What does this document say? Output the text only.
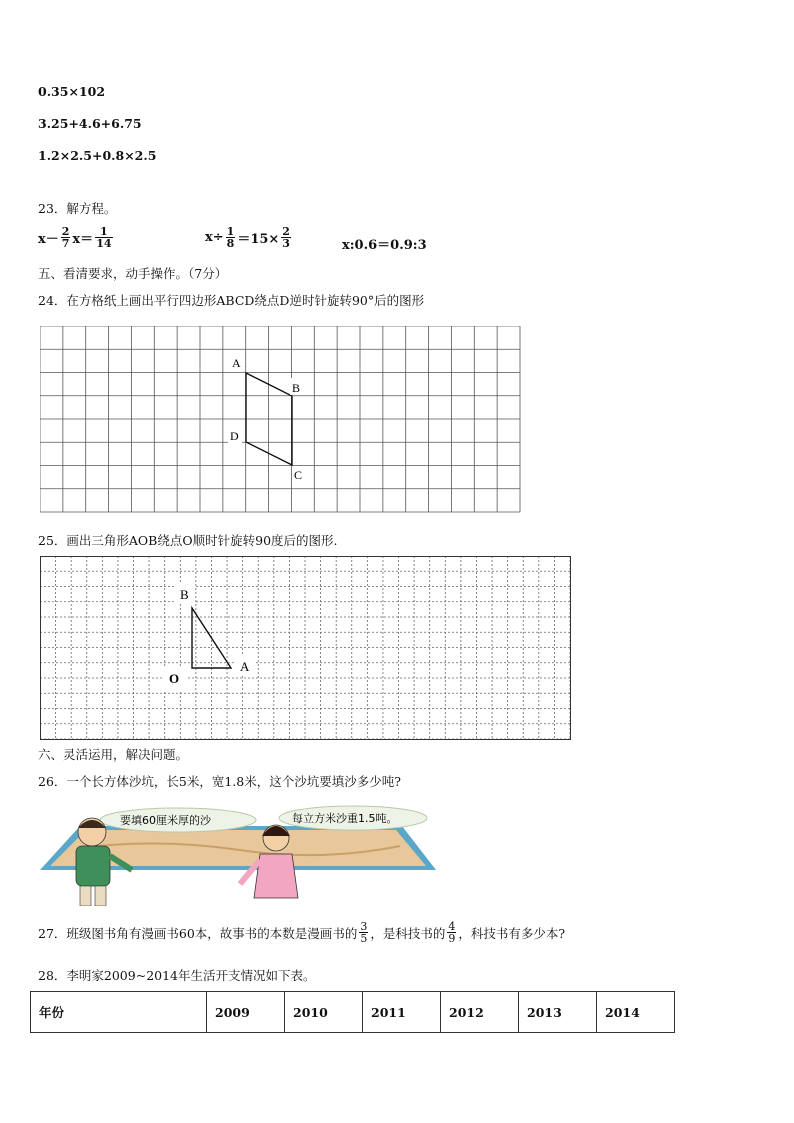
0.35×102
3.25+4.6+6.75
1.2×2.5+0.8×2.5
23．解方程。
$x- \frac{2}{7} x= \frac{1}{14}$	$x\div \frac{1}{8} =15\times \frac{2}{3}$	x:0.6＝0.9:3
五、看清要求，动手操作。（7分）
24．在方格纸上画出平行四边形ABCD绕点D逆时针旋转90°后的图形
A
B
C
D
25．画出三角形AOB绕点O顺时针旋转90度后的图形.
B
A
O
六、灵活运用，解决问题。
26．一个长方体沙坑，长5米，宽1.8米，这个沙坑要填沙多少吨?
要填60厘米厚的沙	每立方米沙重1.5吨。
27．班级图书角有漫画书60本，故事书的本数是漫画书的 $\frac{3}{5}$ ，是科技书的 $\frac{4}{9}$ ，科技书有多少本?
28．李明家2009~2014年生活开支情况如下表。
年份	2009	2010	2011	2012	2013	2014
